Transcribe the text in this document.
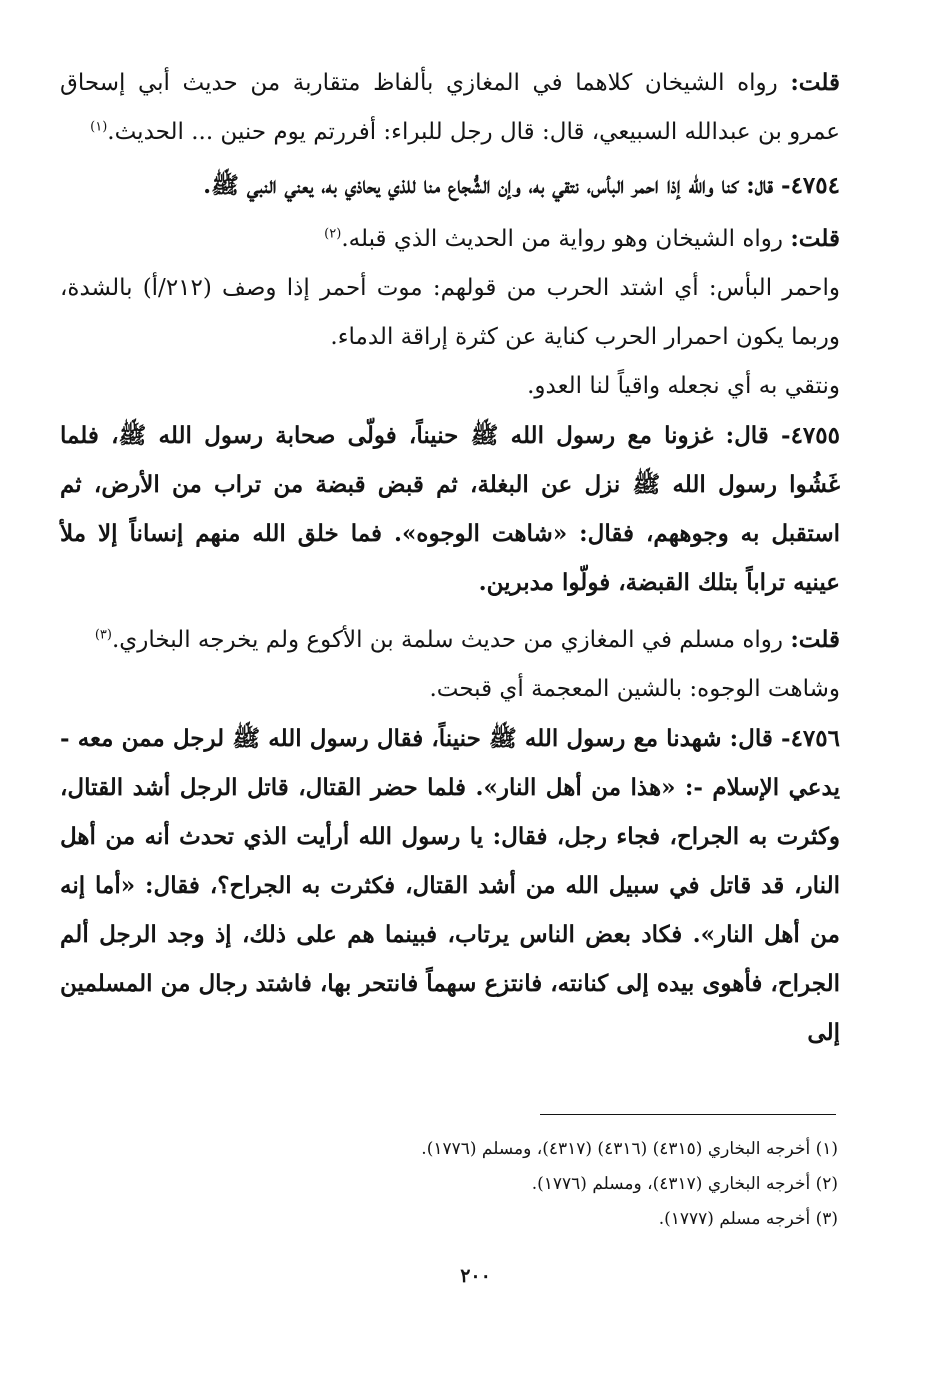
قلت: رواه الشيخان كلاهما في المغازي بألفاظ متقاربة من حديث أبي إسحاق عمرو بن عبدالله السبيعي، قال: قال رجل للبراء: أفررتم يوم حنين ... الحديث.$^{(١)}$

٤٧٥٤- قال: كنا والله إذا احمر البأس، نتقي به، وإن الشُّجاع منا للذي يحاذي به، يعني النبي ﷺ.

قلت: رواه الشيخان وهو رواية من الحديث الذي قبله.$^{(٢)}$

واحمر البأس: أي اشتد الحرب من قولهم: موت أحمر إذا وصف (٢١٢/أ) بالشدة، وربما يكون احمرار الحرب كناية عن كثرة إراقة الدماء.

ونتقي به أي نجعله واقياً لنا العدو.

٤٧٥٥- قال: غزونا مع رسول الله ﷺ حنيناً، فولّى صحابة رسول الله ﷺ، فلما غَشُوا رسول الله ﷺ نزل عن البغلة، ثم قبض قبضة من تراب من الأرض، ثم استقبل به وجوههم، فقال: «شاهت الوجوه». فما خلق الله منهم إنساناً إلا ملأ عينيه تراباً بتلك القبضة، فولّوا مدبرين.

قلت: رواه مسلم في المغازي من حديث سلمة بن الأكوع ولم يخرجه البخاري.$^{(٣)}$

وشاهت الوجوه: بالشين المعجمة أي قبحت.

٤٧٥٦- قال: شهدنا مع رسول الله ﷺ حنيناً، فقال رسول الله ﷺ لرجل ممن معه - يدعي الإسلام -: «هذا من أهل النار». فلما حضر القتال، قاتل الرجل أشد القتال، وكثرت به الجراح، فجاء رجل، فقال: يا رسول الله أرأيت الذي تحدث أنه من أهل النار، قد قاتل في سبيل الله من أشد القتال، فكثرت به الجراح؟، فقال: «أما إنه من أهل النار». فكاد بعض الناس يرتاب، فبينما هم على ذلك، إذ وجد الرجل ألم الجراح، فأهوى بيده إلى كنانته، فانتزع سهماً فانتحر بها، فاشتد رجال من المسلمين إلى

(١) أخرجه البخاري (٤٣١٥) (٤٣١٦) (٤٣١٧)، ومسلم (١٧٧٦).

(٢) أخرجه البخاري (٤٣١٧)، ومسلم (١٧٧٦).

(٣) أخرجه مسلم (١٧٧٧).

٢٠٠
